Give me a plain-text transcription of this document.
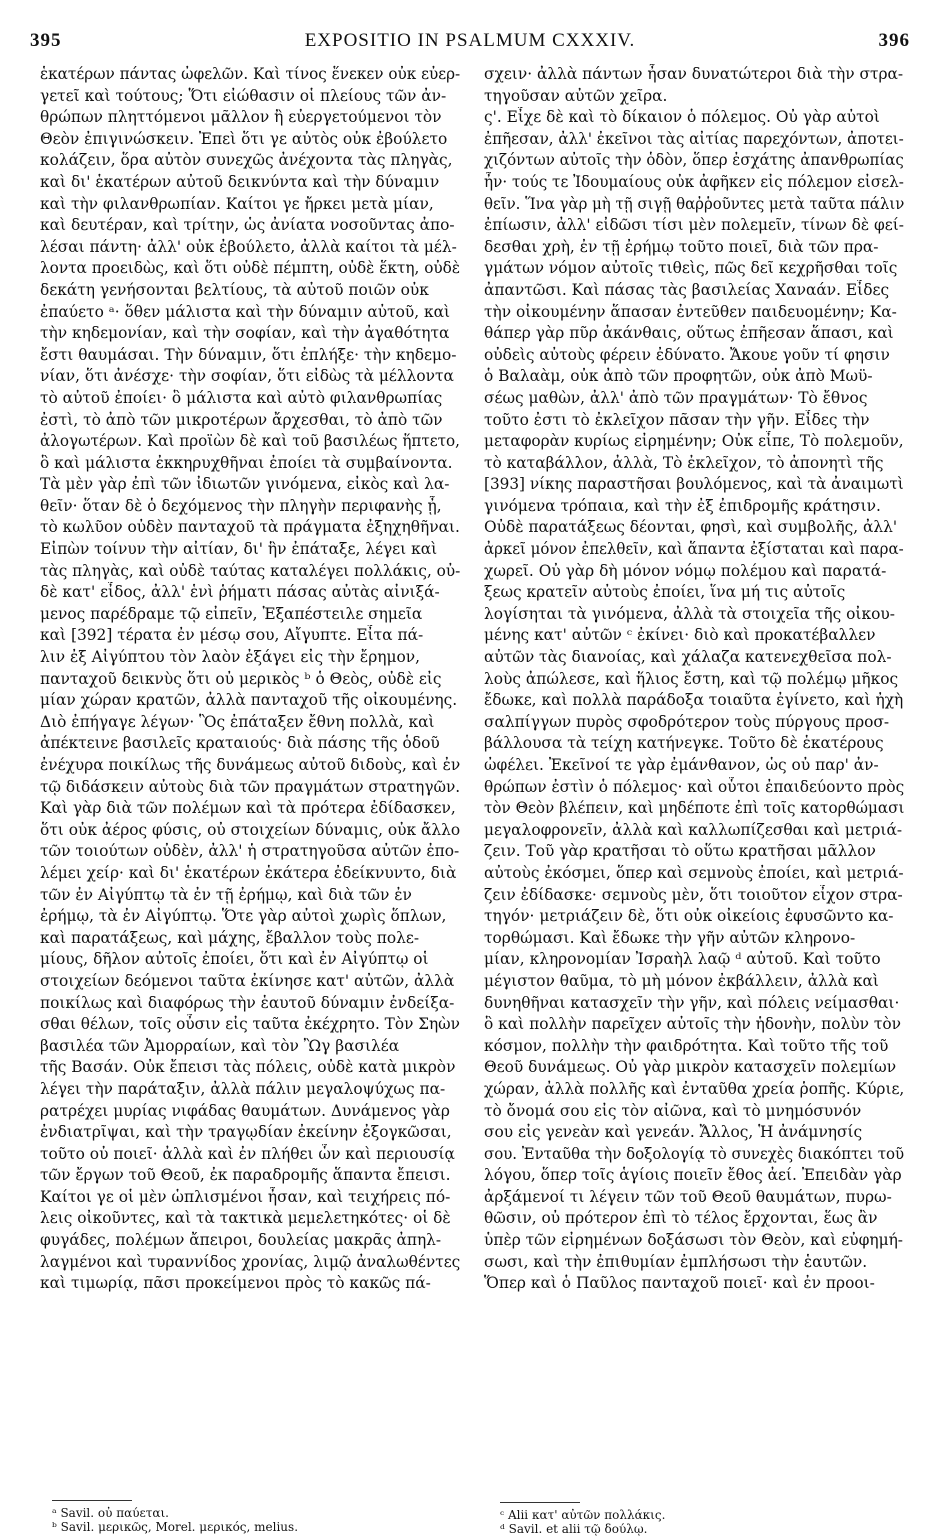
395	EXPOSITIO IN PSALMUM CXXXIV.	396
ἑκατέρων πάντας ὠφελῶν. Καὶ τίνος ἕνεκεν οὐκ εὐερ-
γετεῖ καὶ τούτους; Ὅτι εἰώθασιν οἱ πλείους τῶν ἀν-
θρώπων πληττόμενοι μᾶλλον ἢ εὐεργετούμενοι τὸν
Θεὸν ἐπιγινώσκειν. Ἐπεὶ ὅτι γε αὐτὸς οὐκ ἐβούλετο
κολάζειν, ὅρα αὐτὸν συνεχῶς ἀνέχοντα τὰς πληγὰς,
καὶ δι' ἑκατέρων αὐτοῦ δεικνύντα καὶ τὴν δύναμιν
καὶ τὴν φιλανθρωπίαν. Καίτοι γε ἤρκει μετὰ μίαν,
καὶ δευτέραν, καὶ τρίτην, ὡς ἀνίατα νοσοῦντας ἀπο-
λέσαι πάντη· ἀλλ' οὐκ ἐβούλετο, ἀλλὰ καίτοι τὰ μέλ-
λοντα προειδὼς, καὶ ὅτι οὐδὲ πέμπτη, οὐδὲ ἕκτη, οὐδὲ
δεκάτη γενήσονται βελτίους, τὰ αὐτοῦ ποιῶν οὐκ
ἐπαύετο ᵃ· ὅθεν μάλιστα καὶ τὴν δύναμιν αὐτοῦ, καὶ
τὴν κηδεμονίαν, καὶ τὴν σοφίαν, καὶ τὴν ἀγαθότητα
ἔστι θαυμάσαι. Τὴν δύναμιν, ὅτι ἐπλήξε· τὴν κηδεμο-
νίαν, ὅτι ἀνέσχε· τὴν σοφίαν, ὅτι εἰδὼς τὰ μέλλοντα
τὸ αὐτοῦ ἐποίει· ὃ μάλιστα καὶ αὐτὸ φιλανθρωπίας
ἐστὶ, τὸ ἀπὸ τῶν μικροτέρων ἄρχεσθαι, τὸ ἀπὸ τῶν
ἀλογωτέρων. Καὶ προϊὼν δὲ καὶ τοῦ βασιλέως ἥπτετο,
ὃ καὶ μάλιστα ἐκκηρυχθῆναι ἐποίει τὰ συμβαίνοντα.
Τὰ μὲν γὰρ ἐπὶ τῶν ἰδιωτῶν γινόμενα, εἰκὸς καὶ λα-
θεῖν· ὅταν δὲ ὁ δεχόμενος τὴν πληγὴν περιφανὴς ᾖ,
τὸ κωλῦον οὐδὲν πανταχοῦ τὰ πράγματα ἐξηχηθῆναι.
Εἰπὼν τοίνυν τὴν αἰτίαν, δι' ἣν ἐπάταξε, λέγει καὶ
τὰς πληγὰς, καὶ οὐδὲ ταύτας καταλέγει πολλάκις, οὐ-
δὲ κατ' εἶδος, ἀλλ' ἑνὶ ῥήματι πάσας αὐτὰς αἰνιξά-
μενος παρέδραμε τῷ εἰπεῖν, Ἐξαπέστειλε σημεῖα
καὶ [392] τέρατα ἐν μέσῳ σου, Αἴγυπτε. Εἶτα πά-
λιν ἐξ Αἰγύπτου τὸν λαὸν ἐξάγει εἰς τὴν ἔρημον,
πανταχοῦ δεικνὺς ὅτι οὐ μερικὸς ᵇ ὁ Θεὸς, οὐδὲ εἰς
μίαν χώραν κρατῶν, ἀλλὰ πανταχοῦ τῆς οἰκουμένης.
Διὸ ἐπήγαγε λέγων· Ὃς ἐπάταξεν ἔθνη πολλὰ, καὶ
ἀπέκτεινε βασιλεῖς κραταιούς· διὰ πάσης τῆς ὁδοῦ
ἐνέχυρα ποικίλως τῆς δυνάμεως αὐτοῦ διδοὺς, καὶ ἐν
τῷ διδάσκειν αὐτοὺς διὰ τῶν πραγμάτων στρατηγῶν.
Καὶ γὰρ διὰ τῶν πολέμων καὶ τὰ πρότερα ἐδίδασκεν,
ὅτι οὐκ ἀέρος φύσις, οὐ στοιχείων δύναμις, οὐκ ἄλλο
τῶν τοιούτων οὐδὲν, ἀλλ' ἡ στρατηγοῦσα αὐτῶν ἐπο-
λέμει χείρ· καὶ δι' ἑκατέρων ἑκάτερα ἐδείκνυντο, διὰ
τῶν ἐν Αἰγύπτῳ τὰ ἐν τῇ ἐρήμῳ, καὶ διὰ τῶν ἐν
ἐρήμῳ, τὰ ἐν Αἰγύπτῳ. Ὅτε γὰρ αὐτοὶ χωρὶς ὅπλων,
καὶ παρατάξεως, καὶ μάχης, ἔβαλλον τοὺς πολε-
μίους, δῆλον αὐτοῖς ἐποίει, ὅτι καὶ ἐν Αἰγύπτῳ οἱ
στοιχείων δεόμενοι ταῦτα ἐκίνησε κατ' αὐτῶν, ἀλλὰ
ποικίλως καὶ διαφόρως τὴν ἑαυτοῦ δύναμιν ἐνδείξα-
σθαι θέλων, τοῖς οὖσιν εἰς ταῦτα ἐκέχρητο. Τὸν Σηὼν
βασιλέα τῶν Ἀμορραίων, καὶ τὸν Ὢγ βασιλέα
τῆς Βασάν. Οὐκ ἔπεισι τὰς πόλεις, οὐδὲ κατὰ μικρὸν
λέγει τὴν παράταξιν, ἀλλὰ πάλιν μεγαλοψύχως πα-
ρατρέχει μυρίας νιφάδας θαυμάτων. Δυνάμενος γὰρ
ἐνδιατρῖψαι, καὶ τὴν τραγῳδίαν ἐκείνην ἐξογκῶσαι,
τοῦτο οὐ ποιεῖ· ἀλλὰ καὶ ἐν πλήθει ὧν καὶ περιουσίᾳ
τῶν ἔργων τοῦ Θεοῦ, ἐκ παραδρομῆς ἅπαντα ἔπεισι.
Καίτοι γε οἱ μὲν ὡπλισμένοι ἦσαν, καὶ τειχήρεις πό-
λεις οἰκοῦντες, καὶ τὰ τακτικὰ μεμελετηκότες· οἱ δὲ
φυγάδες, πολέμων ἄπειροι, δουλείας μακρᾶς ἀπηλ-
λαγμένοι καὶ τυραννίδος χρονίας, λιμῷ ἀναλωθέντες
καὶ τιμωρίᾳ, πᾶσι προκείμενοι πρὸς τὸ κακῶς πά-
σχειν· ἀλλὰ πάντων ἦσαν δυνατώτεροι διὰ τὴν στρα-
τηγοῦσαν αὐτῶν χεῖρα.
ς'. Εἶχε δὲ καὶ τὸ δίκαιον ὁ πόλεμος. Οὐ γὰρ αὐτοὶ
ἐπῆεσαν, ἀλλ' ἐκεῖνοι τὰς αἰτίας παρεχόντων, ἀποτει-
χιζόντων αὐτοῖς τὴν ὁδὸν, ὅπερ ἐσχάτης ἀπανθρωπίας
ἦν· τούς τε Ἰδουμαίους οὐκ ἀφῆκεν εἰς πόλεμον εἰσελ-
θεῖν. Ἵνα γὰρ μὴ τῇ σιγῇ θαῤῥοῦντες μετὰ ταῦτα πάλιν
ἐπίωσιν, ἀλλ' εἰδῶσι τίσι μὲν πολεμεῖν, τίνων δὲ φεί-
δεσθαι χρὴ, ἐν τῇ ἐρήμῳ τοῦτο ποιεῖ, διὰ τῶν πρα-
γμάτων νόμον αὐτοῖς τιθεὶς, πῶς δεῖ κεχρῆσθαι τοῖς
ἀπαντῶσι. Καὶ πάσας τὰς βασιλείας Χαναάν. Εἶδες
τὴν οἰκουμένην ἅπασαν ἐντεῦθεν παιδευομένην; Κα-
θάπερ γὰρ πῦρ ἀκάνθαις, οὕτως ἐπῆεσαν ἅπασι, καὶ
οὐδεὶς αὐτοὺς φέρειν ἐδύνατο. Ἄκουε γοῦν τί φησιν
ὁ Βαλαὰμ, οὐκ ἀπὸ τῶν προφητῶν, οὐκ ἀπὸ Μωϋ-
σέως μαθὼν, ἀλλ' ἀπὸ τῶν πραγμάτων· Τὸ ἔθνος
τοῦτο ἐστι τὸ ἐκλεῖχον πᾶσαν τὴν γῆν. Εἶδες τὴν
μεταφορὰν κυρίως εἰρημένην; Οὐκ εἶπε, Τὸ πολεμοῦν,
τὸ καταβάλλον, ἀλλὰ, Τὸ ἐκλεῖχον, τὸ ἀπονητὶ τῆς
[393] νίκης παραστῆσαι βουλόμενος, καὶ τὰ ἀναιμωτὶ
γινόμενα τρόπαια, καὶ τὴν ἐξ ἐπιδρομῆς κράτησιν.
Οὐδὲ παρατάξεως δέονται, φησὶ, καὶ συμβολῆς, ἀλλ'
ἀρκεῖ μόνον ἐπελθεῖν, καὶ ἅπαντα ἐξίσταται καὶ παρα-
χωρεῖ. Οὐ γὰρ δὴ μόνον νόμῳ πολέμου καὶ παρατά-
ξεως κρατεῖν αὐτοὺς ἐποίει, ἵνα μή τις αὐτοῖς
λογίσηται τὰ γινόμενα, ἀλλὰ τὰ στοιχεῖα τῆς οἰκου-
μένης κατ' αὐτῶν ᶜ ἐκίνει· διὸ καὶ προκατέβαλλεν
αὐτῶν τὰς διανοίας, καὶ χάλαζα κατενεχθεῖσα πολ-
λοὺς ἀπώλεσε, καὶ ἥλιος ἔστη, καὶ τῷ πολέμῳ μῆκος
ἔδωκε, καὶ πολλὰ παράδοξα τοιαῦτα ἐγίνετο, καὶ ἠχὴ
σαλπίγγων πυρὸς σφοδρότερον τοὺς πύργους προσ-
βάλλουσα τὰ τείχη κατήνεγκε. Τοῦτο δὲ ἑκατέρους
ὠφέλει. Ἐκεῖνοί τε γὰρ ἐμάνθανον, ὡς οὐ παρ' ἀν-
θρώπων ἐστὶν ὁ πόλεμος· καὶ οὗτοι ἐπαιδεύοντο πρὸς
τὸν Θεὸν βλέπειν, καὶ μηδέποτε ἐπὶ τοῖς κατορθώμασι
μεγαλοφρονεῖν, ἀλλὰ καὶ καλλωπίζεσθαι καὶ μετριά-
ζειν. Τοῦ γὰρ κρατῆσαι τὸ οὕτω κρατῆσαι μᾶλλον
αὐτοὺς ἐκόσμει, ὅπερ καὶ σεμνοὺς ἐποίει, καὶ μετριά-
ζειν ἐδίδασκε· σεμνοὺς μὲν, ὅτι τοιοῦτον εἶχον στρα-
τηγόν· μετριάζειν δὲ, ὅτι οὐκ οἰκείοις ἐφυσῶντο κα-
τορθώμασι. Καὶ ἔδωκε τὴν γῆν αὐτῶν κληρονο-
μίαν, κληρονομίαν Ἰσραὴλ λαῷ ᵈ αὐτοῦ. Καὶ τοῦτο
μέγιστον θαῦμα, τὸ μὴ μόνον ἐκβάλλειν, ἀλλὰ καὶ
δυνηθῆναι κατασχεῖν τὴν γῆν, καὶ πόλεις νείμασθαι·
ὃ καὶ πολλὴν παρεῖχεν αὐτοῖς τὴν ἡδονὴν, πολὺν τὸν
κόσμον, πολλὴν τὴν φαιδρότητα. Καὶ τοῦτο τῆς τοῦ
Θεοῦ δυνάμεως. Οὐ γὰρ μικρὸν κατασχεῖν πολεμίων
χώραν, ἀλλὰ πολλῆς καὶ ἐνταῦθα χρεία ῥοπῆς. Κύριε,
τὸ ὄνομά σου εἰς τὸν αἰῶνα, καὶ τὸ μνημόσυνόν
σου εἰς γενεὰν καὶ γενεάν. Ἄλλος, Ἡ ἀνάμνησίς
σου. Ἐνταῦθα τὴν δοξολογίᾳ τὸ συνεχὲς διακόπτει τοῦ
λόγου, ὅπερ τοῖς ἁγίοις ποιεῖν ἔθος ἀεί. Ἐπειδὰν γὰρ
ἀρξάμενοί τι λέγειν τῶν τοῦ Θεοῦ θαυμάτων, πυρω-
θῶσιν, οὐ πρότερον ἐπὶ τὸ τέλος ἔρχονται, ἕως ἂν
ὑπὲρ τῶν εἰρημένων δοξάσωσι τὸν Θεὸν, καὶ εὐφημή-
σωσι, καὶ τὴν ἐπιθυμίαν ἐμπλήσωσι τὴν ἑαυτῶν.
Ὅπερ καὶ ὁ Παῦλος πανταχοῦ ποιεῖ· καὶ ἐν προοι-
ᵃ Savil. οὐ παύεται.
ᵇ Savil. μερικῶς, Morel. μερικός, melius.
ᶜ Alii κατ' αὐτῶν πολλάκις.
ᵈ Savil. et alii τῷ δούλῳ.
